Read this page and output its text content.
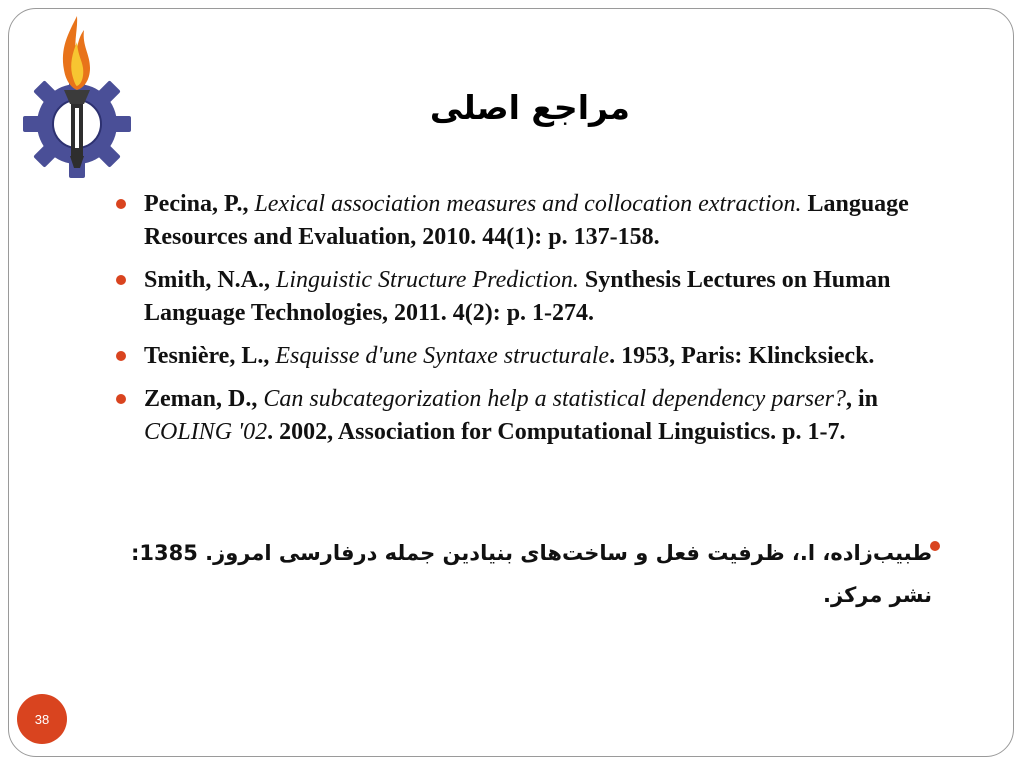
مراجع اصلی
Pecina, P., Lexical association measures and collocation extraction. Language Resources and Evaluation, 2010. 44(1): p. 137-158.
Smith, N.A., Linguistic Structure Prediction. Synthesis Lectures on Human Language Technologies, 2011. 4(2): p. 1-274.
Tesnière, L., Esquisse d'une Syntaxe structurale. 1953, Paris: Klincksieck.
Zeman, D., Can subcategorization help a statistical dependency parser?, in COLING '02. 2002, Association for Computational Linguistics. p. 1-7.
طبیب‌زاده، ا.، ظرفیت فعل و ساخت‌های بنیادین جمله درفارسی امروز. 1385: نشر مرکز.
38
